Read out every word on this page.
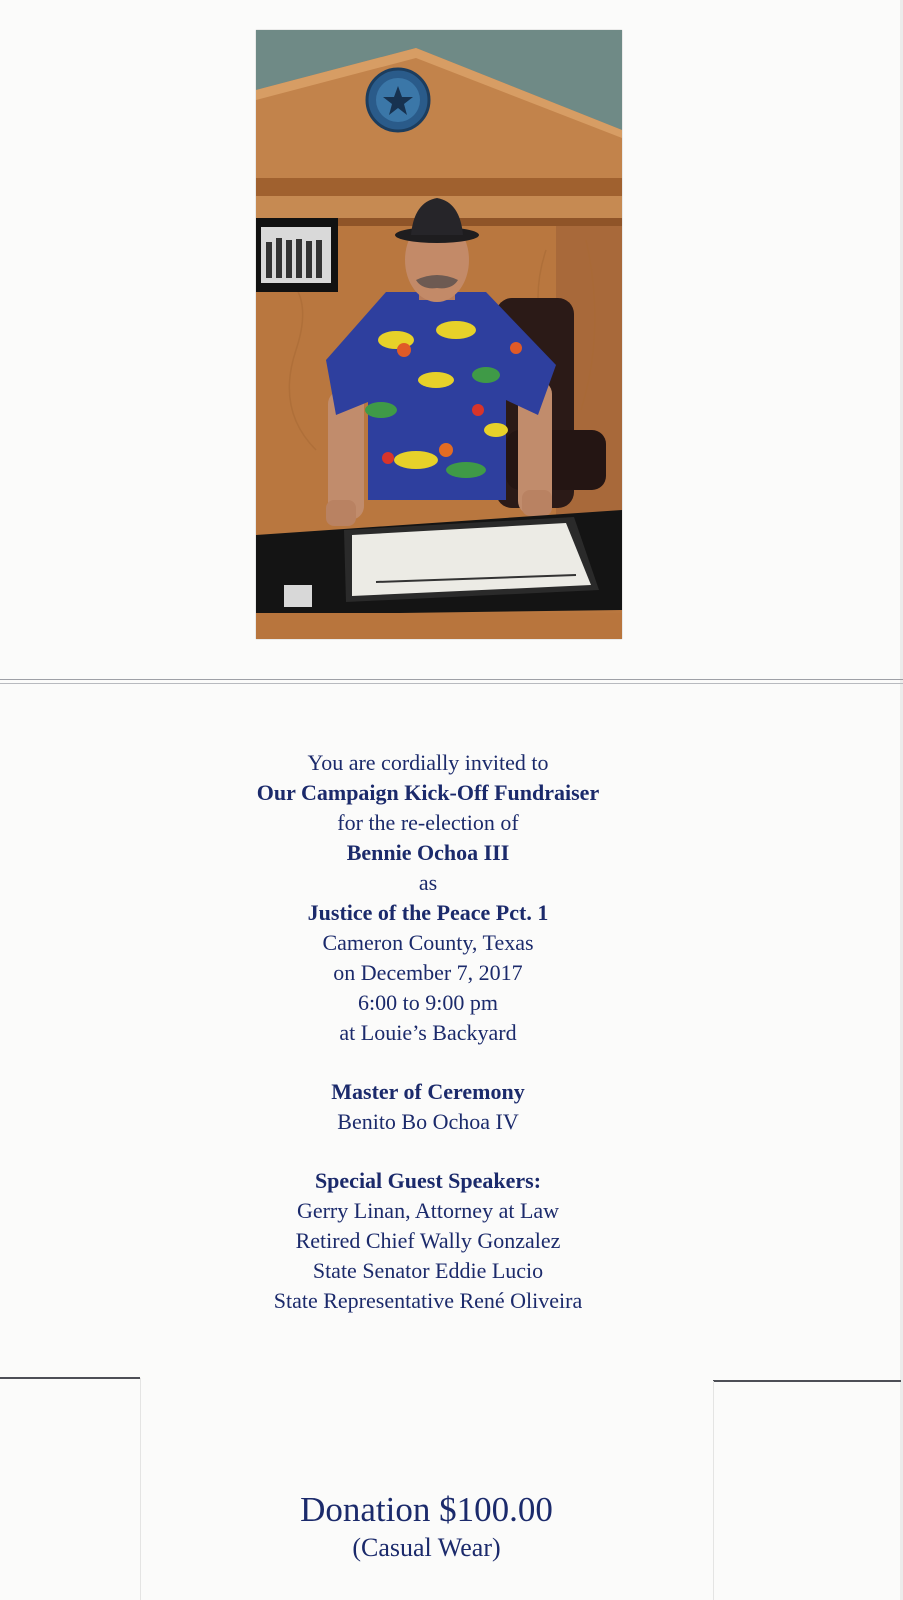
You are cordially invited to
Our Campaign Kick-Off Fundraiser
for the re-election of
Bennie Ochoa III
as
Justice of the Peace Pct. 1
Cameron County, Texas
on December 7, 2017
6:00 to 9:00 pm
at Louie’s Backyard
Master of Ceremony
Benito Bo Ochoa IV
Special Guest Speakers:
Gerry Linan, Attorney at Law
Retired Chief Wally Gonzalez
State Senator Eddie Lucio
State Representative René Oliveira
Donation $100.00
(Casual Wear)
